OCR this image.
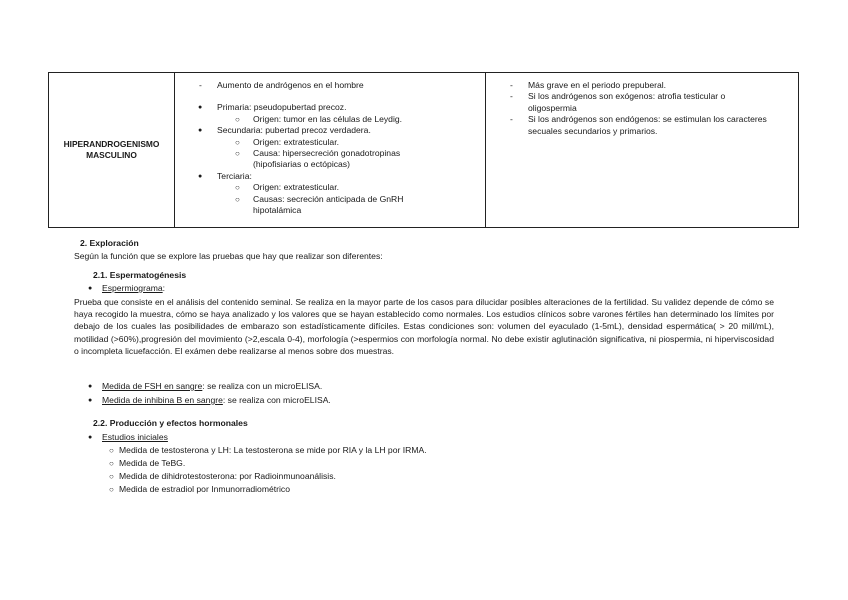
HIPERANDROGENISMO
MASCULINO
- Aumento de andrógenos en el hombre
● Primaria: pseudopubertad precoz.
○ Origen: tumor en las células de Leydig.
● Secundaria: pubertad precoz verdadera.
○ Origen: extratesticular.
○ Causa: hipersecreción gonadotropinas
(hipofisiarias o ectópicas)
● Terciaria:
○ Origen: extratesticular.
○ Causas: secreción anticipada de GnRH
hipotalámica
- Más grave en el periodo prepuberal.
- Si los andrógenos son exógenos: atrofia testicular o
oligospermia
- Si los andrógenos son endógenos: se estimulan los caracteres
secuales secundarios y primarios.
2. Exploración
Según la función que se explore las pruebas que hay que realizar son diferentes:
2.1. Espermatogénesis
● Espermiograma:
Prueba que consiste en el análisis del contenido seminal. Se realiza en la mayor parte de los casos para dilucidar posibles alteraciones de la fertilidad. Su validez depende de cómo se haya recogido la muestra, cómo se haya analizado y los valores que se hayan establecido como normales. Los estudios clínicos sobre varones fértiles han determinado los límites por debajo de los cuales las posibilidades de embarazo son estadísticamente difíciles. Estas condiciones son: volumen del eyaculado (1-5mL), densidad espermática( > 20 mill/mL), motilidad (>60%),progresión del movimiento (>2,escala 0-4), morfología (>espermios con morfología normal. No debe existir aglutinación significativa, ni piospermia, ni hiperviscosidad o incompleta licuefacción. El exámen debe realizarse al menos sobre dos muestras.
● Medida de FSH en sangre: se realiza con un microELISA.
● Medida de inhibina B en sangre: se realiza con microELISA.
2.2. Producción y efectos hormonales
● Estudios iniciales
○ Medida de testosterona y LH: La testosterona se mide por RIA y la LH por IRMA.
○ Medida de TeBG.
○ Medida de dihidrotestosterona: por Radioinmunoanálisis.
○ Medida de estradiol por Inmunorradiométrico
